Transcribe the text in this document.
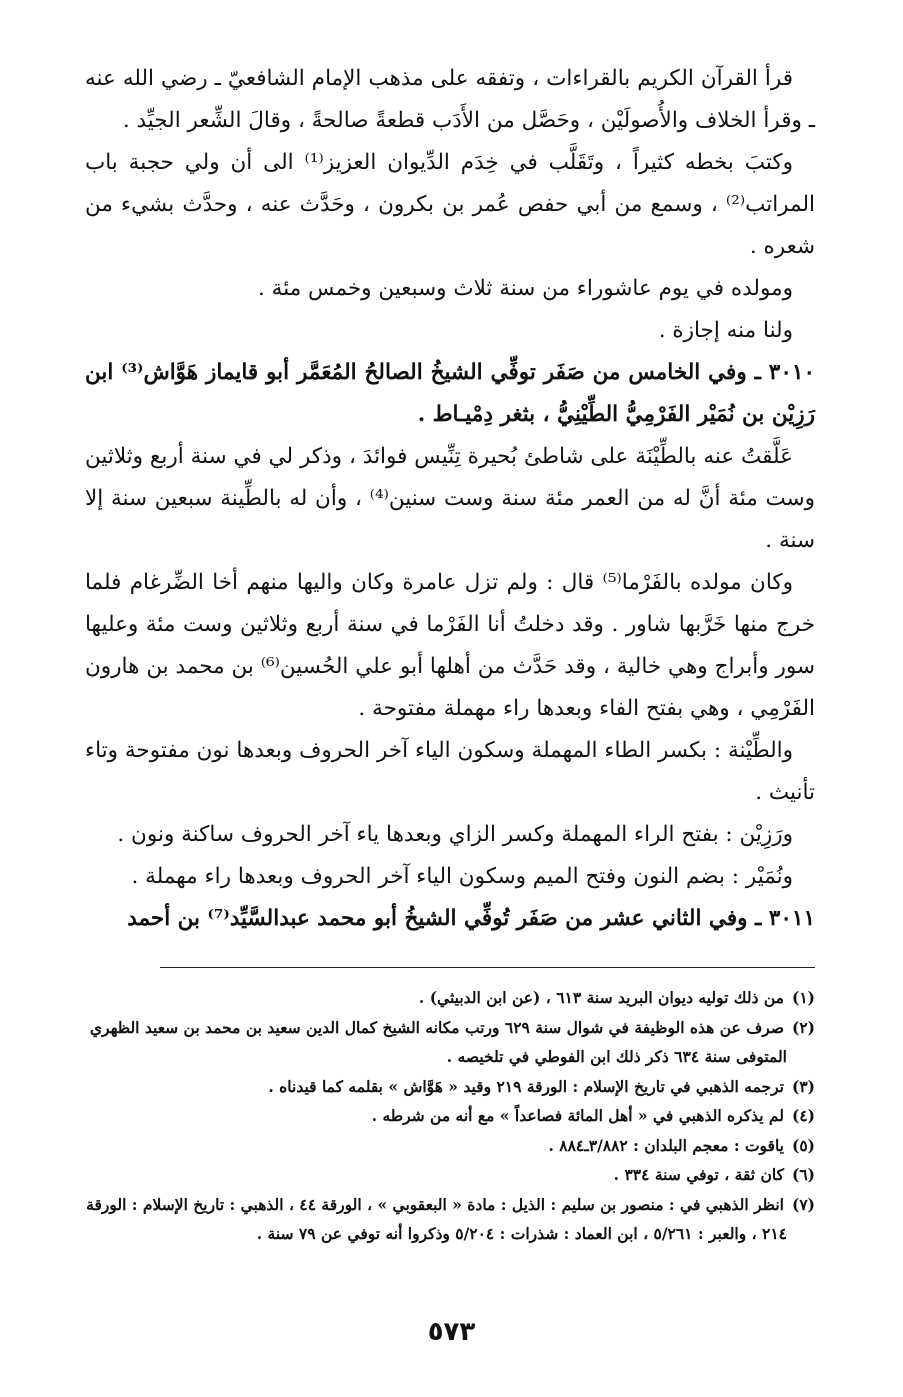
قرأ القرآن الكريم بالقراءات ، وتفقه على مذهب الإمام الشافعيّ ـ رضي الله عنه ـ وقرأ الخلاف والأُصولَيْن ، وحَصَّل من الأَدَب قطعةً صالحةً ، وقالَ الشِّعر الجيِّد .

وكتبَ بخطه كثيراً ، وتَقَلَّب في خِدَم الدِّيوان العزيز⁽¹⁾ الى أن ولي حجبة باب المراتب⁽²⁾ ، وسمع من أبي حفص عُمر بن بكرون ، وحَدَّث عنه ، وحدَّث بشيء من شعره .

ومولده في يوم عاشوراء من سنة ثلاث وسبعين وخمس مئة .

ولنا منه إجازة .

٣٠١٠ ـ وفي الخامس من صَفَر توفِّي الشيخُ الصالحُ المُعَمَّر أبو قايماز هَوَّاش⁽³⁾ ابن رَزِيْن بن نُمَيْر الفَرْمِيُّ الطِّيْنِيُّ ، بثغر دِمْيـاط .

عَلَّقتُ عنه بالطِّيْنَة على شاطئ بُحيرة تِنِّيس فوائدَ ، وذكر لي في سنة أربع وثلاثين وست مئة أنَّ له من العمر مئة سنة وست سنين⁽⁴⁾ ، وأن له بالطِّينة سبعين سنة إلا سنة .

وكان مولده بالفَرْما⁽⁵⁾ قال : ولم تزل عامرة وكان واليها منهم أخا الضِّرغام فلما خرج منها خَرَّبها شاور . وقد دخلتُ أنا الفَرْما في سنة أربع وثلاثين وست مئة وعليها سور وأبراج وهي خالية ، وقد حَدَّث من أهلها أبو علي الحُسين⁽⁶⁾ بن محمد بن هارون الفَرْمِي ، وهي بفتح الفاء وبعدها راء مهملة مفتوحة .

والطِّيْنة : بكسر الطاء المهملة وسكون الياء آخر الحروف وبعدها نون مفتوحة وتاء تأنيث .

ورَزِيْن : بفتح الراء المهملة وكسر الزاي وبعدها ياء آخر الحروف ساكنة ونون .

ونُمَيْر : بضم النون وفتح الميم وسكون الياء آخر الحروف وبعدها راء مهملة .

٣٠١١ ـ وفي الثاني عشر من صَفَر تُوفِّي الشيخُ أبو محمد عبدالسَّيِّد⁽⁷⁾ بن أحمد

(١)من ذلك توليه ديوان البريد سنة ٦١٣ ، (عن ابن الدبيثي) .

(٢)صرف عن هذه الوظيفة في شوال سنة ٦٢٩ ورتب مكانه الشيخ كمال الدين سعيد بن محمد بن سعيد الظهري
المتوفى سنة ٦٣٤ ذكر ذلك ابن الفوطي في تلخيصه .

(٣)ترجمه الذهبي في تاريخ الإسلام : الورقة ٢١٩ وقيد « هَوَّاش » بقلمه كما قيدناه .

(٤)لم يذكره الذهبي في « أهل المائة فصاعداً » مع أنه من شرطه .

(٥)ياقوت : معجم البلدان : ٣/٨٨٢ـ٨٨٤ .

(٦)كان ثقة ، توفي سنة ٣٣٤ .

(٧)انظر الذهبي في : منصور بن سليم : الذيل : مادة « البعقوبي » ، الورقة ٤٤ ، الذهبي : تاريخ الإسلام : الورقة
٢١٤ ، والعبر : ٥/٢٦١ ، ابن العماد : شذرات : ٥/٢٠٤ وذكروا أنه توفي عن ٧٩ سنة .

٥٧٣
